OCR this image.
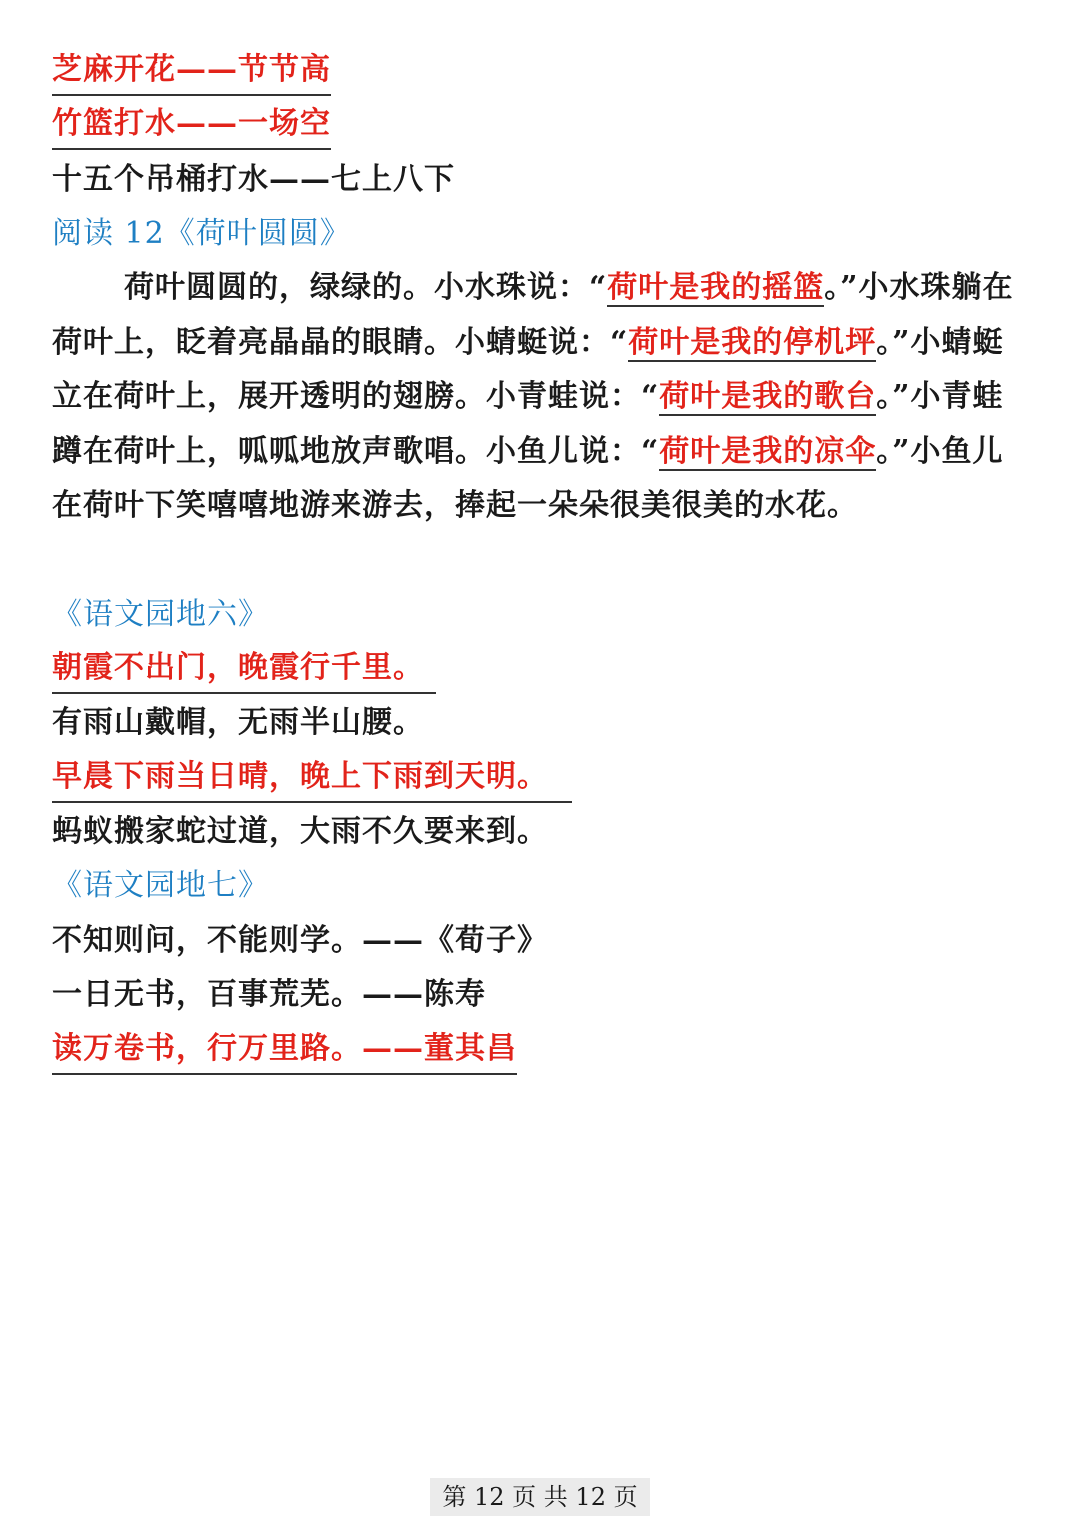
芝麻开花——节节高
竹篮打水——一场空
十五个吊桶打水——七上八下
阅读 12《荷叶圆圆》
荷叶圆圆的，绿绿的。小水珠说：“荷叶是我的摇篮。”小水珠躺在荷叶上，眨着亮晶晶的眼睛。小蜻蜓说：“荷叶是我的停机坪。”小蜻蜓立在荷叶上，展开透明的翅膀。小青蛙说：“荷叶是我的歌台。”小青蛙蹲在荷叶上，呱呱地放声歌唱。小鱼儿说：“荷叶是我的凉伞。”小鱼儿在荷叶下笑嘻嘻地游来游去，捧起一朵朵很美很美的水花。
《语文园地六》
朝霞不出门，晚霞行千里。
有雨山戴帽，无雨半山腰。
早晨下雨当日晴，晚上下雨到天明。
蚂蚁搬家蛇过道，大雨不久要来到。
《语文园地七》
不知则问，不能则学。——《荀子》
一日无书，百事荒芜。——陈寿
读万卷书，行万里路。——董其昌
第 12 页 共 12 页
